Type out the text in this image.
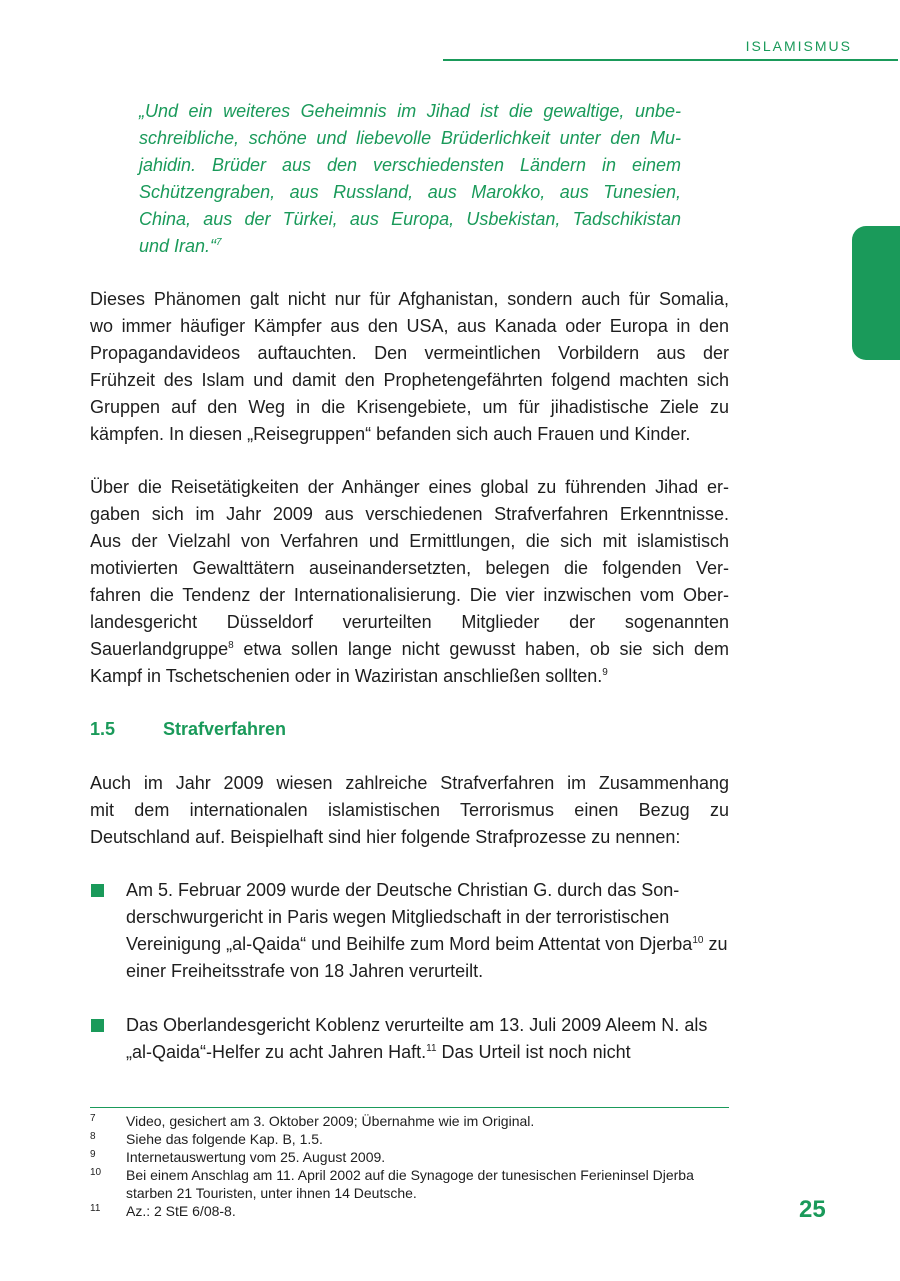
ISLAMISMUS

„Und ein weiteres Geheimnis im Jihad ist die gewaltige, unbe-
schreibliche, schöne und liebevolle Brüderlichkeit unter den Mu-
jahidin. Brüder aus den verschiedensten Ländern in einem
Schützengraben, aus Russland, aus Marokko, aus Tunesien,
China, aus der Türkei, aus Europa, Usbekistan, Tadschikistan
und Iran.“$^7$

Dieses Phänomen galt nicht nur für Afghanistan, sondern auch für Somalia,
wo immer häufiger Kämpfer aus den USA, aus Kanada oder Europa in den
Propagandavideos auftauchten. Den vermeintlichen Vorbildern aus der
Frühzeit des Islam und damit den Prophetengefährten folgend machten sich
Gruppen auf den Weg in die Krisengebiete, um für jihadistische Ziele zu
kämpfen. In diesen „Reisegruppen“ befanden sich auch Frauen und Kinder.

Über die Reisetätigkeiten der Anhänger eines global zu führenden Jihad er-
gaben sich im Jahr 2009 aus verschiedenen Strafverfahren Erkenntnisse.
Aus der Vielzahl von Verfahren und Ermittlungen, die sich mit islamistisch
motivierten Gewalttätern auseinandersetzten, belegen die folgenden Ver-
fahren die Tendenz der Internationalisierung. Die vier inzwischen vom Ober-
landesgericht Düsseldorf verurteilten Mitglieder der sogenannten
Sauerlandgruppe$^8$ etwa sollen lange nicht gewusst haben, ob sie sich dem
Kampf in Tschetschenien oder in Waziristan anschließen sollten.$^9$

1.5	Strafverfahren

Auch im Jahr 2009 wiesen zahlreiche Strafverfahren im Zusammenhang
mit dem internationalen islamistischen Terrorismus einen Bezug zu
Deutschland auf. Beispielhaft sind hier folgende Strafprozesse zu nennen:

Am 5. Februar 2009 wurde der Deutsche Christian G. durch das Son- derschwurgericht in Paris wegen Mitgliedschaft in der terroristischen Vereinigung „al-Qaida“ und Beihilfe zum Mord beim Attentat von Djerba$^{10}$ zu einer Freiheitsstrafe von 18 Jahren verurteilt.

Das Oberlandesgericht Koblenz verurteilte am 13. Juli 2009 Aleem N. als „al-Qaida“-Helfer zu acht Jahren Haft.$^{11}$ Das Urteil ist noch nicht

7	Video, gesichert am 3. Oktober 2009; Übernahme wie im Original.
8	Siehe das folgende Kap. B, 1.5.
9	Internetauswertung vom 25. August 2009.
10	Bei einem Anschlag am 11. April 2002 auf die Synagoge der tunesischen Ferieninsel Djerba starben 21 Touristen, unter ihnen 14 Deutsche.
11	Az.: 2 StE 6/08-8.	25
